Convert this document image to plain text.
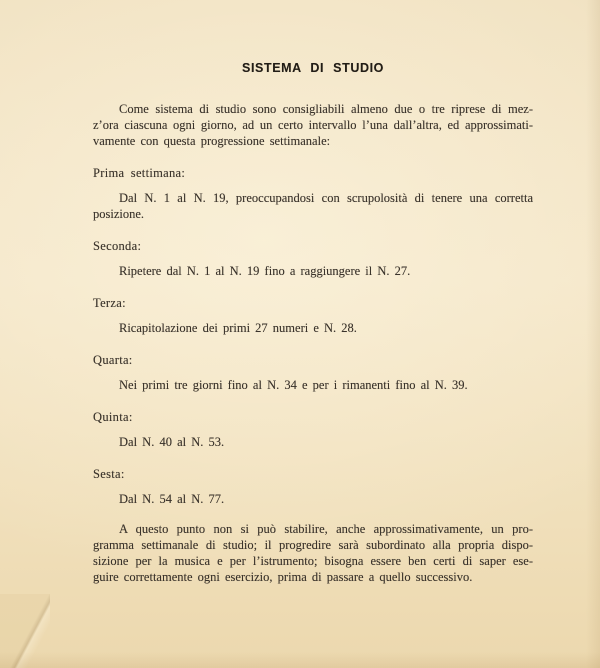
SISTEMA DI STUDIO
Come sistema di studio sono consigliabili almeno due o tre riprese di mez-
z’ora ciascuna ogni giorno, ad un certo intervallo l’una dall’altra, ed approssimati-
vamente con questa progressione settimanale:
Prima settimana:
Dal N. 1 al N. 19, preoccupandosi con scrupolosità di tenere una corretta
posizione.
Seconda:
Ripetere dal N. 1 al N. 19 fino a raggiungere il N. 27.
Terza:
Ricapitolazione dei primi 27 numeri e N. 28.
Quarta:
Nei primi tre giorni fino al N. 34 e per i rimanenti fino al N. 39.
Quinta:
Dal N. 40 al N. 53.
Sesta:
Dal N. 54 al N. 77.
A questo punto non si può stabilire, anche approssimativamente, un pro-
gramma settimanale di studio; il progredire sarà subordinato alla propria dispo-
sizione per la musica e per l’istrumento; bisogna essere ben certi di saper ese-
guire correttamente ogni esercizio, prima di passare a quello successivo.
